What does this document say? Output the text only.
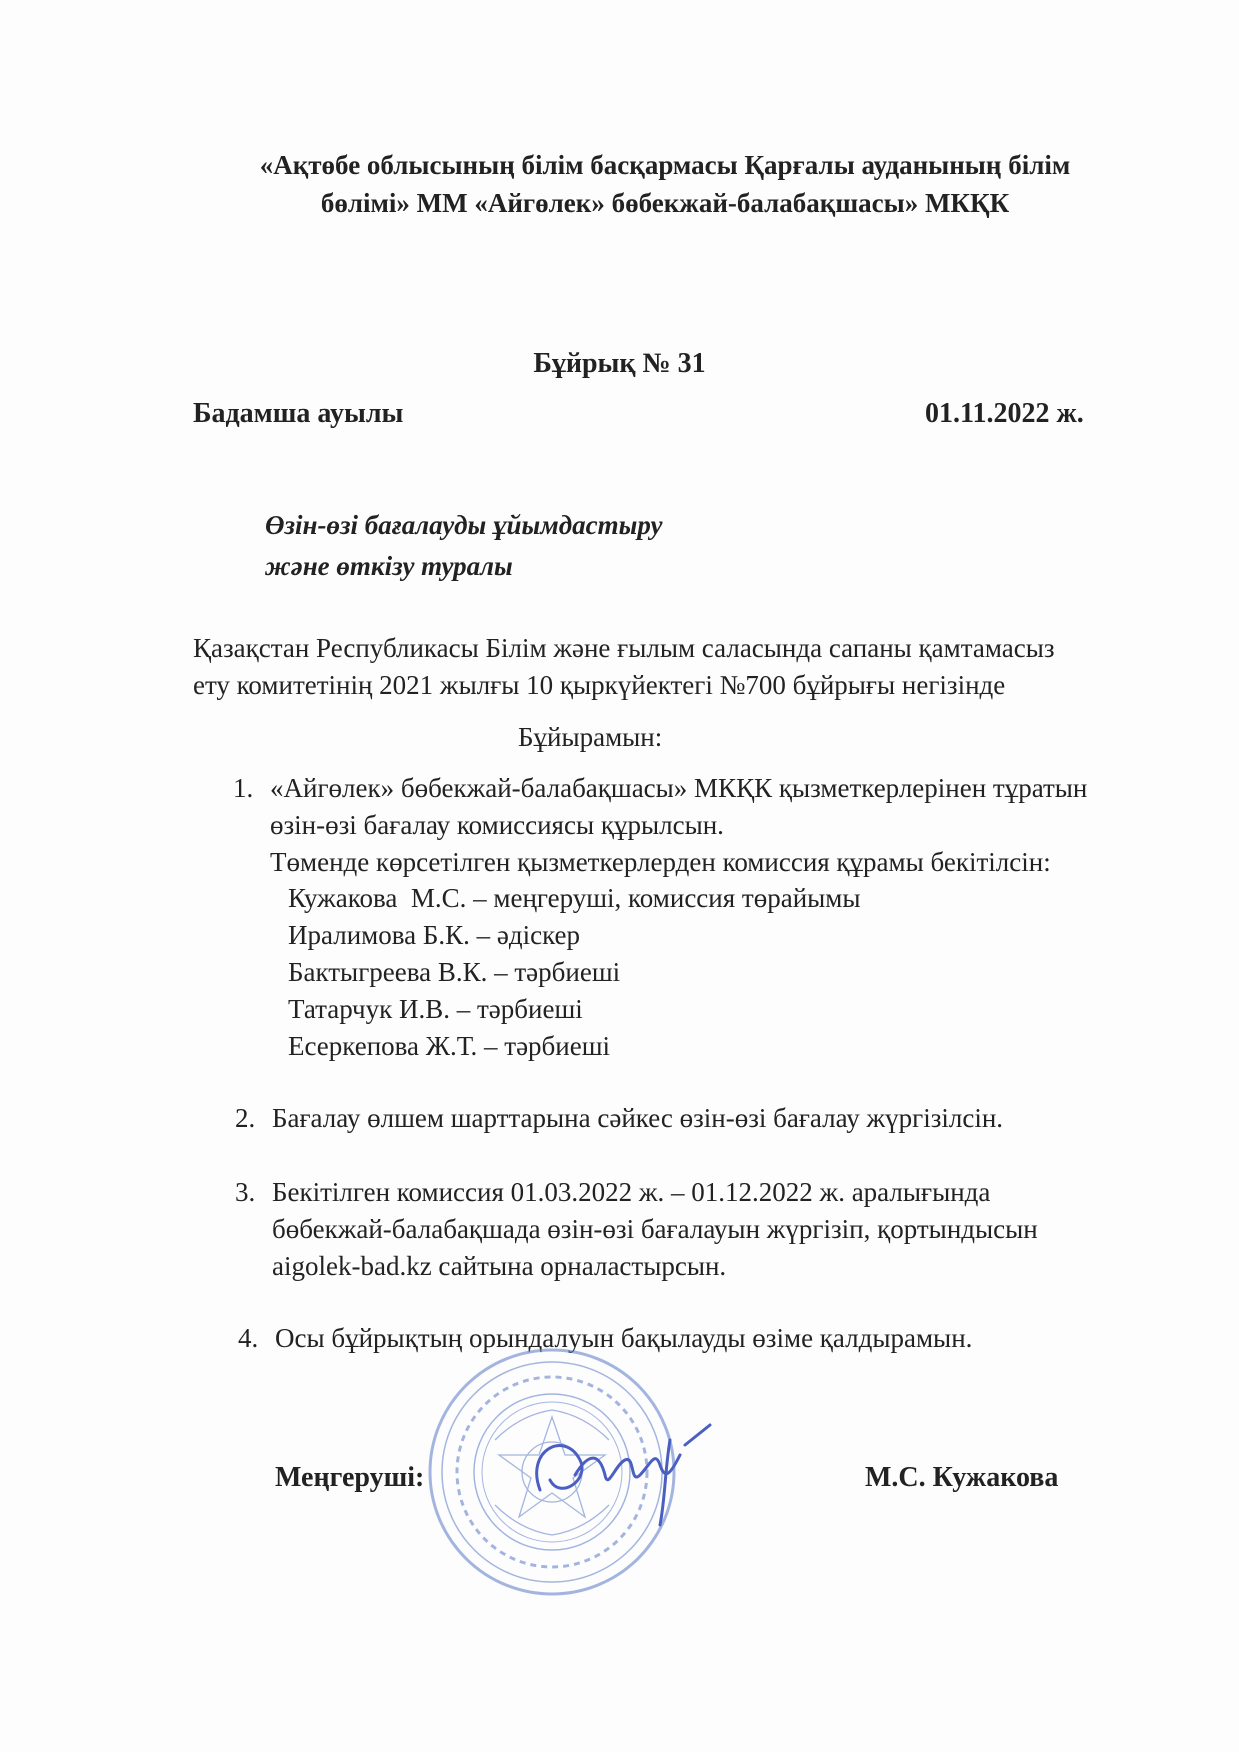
«Ақтөбе облысының білім басқармасы Қарғалы ауданының білім
бөлімі» ММ «Айгөлек» бөбекжай-балабақшасы» МКҚК
Бұйрық № 31
Бадамша ауылы	01.11.2022 ж.
Өзін-өзі бағалауды ұйымдастыру
және өткізу туралы
Қазақстан Республикасы Білім және ғылым саласында сапаны қамтамасыз
ету комитетінің 2021 жылғы 10 қыркүйектегі №700 бұйрығы негізінде
Бұйырамын:
1. «Айгөлек» бөбекжай-балабақшасы» МКҚК қызметкерлерінен тұратын
өзін-өзі бағалау комиссиясы құрылсын.
Төменде көрсетілген қызметкерлерден комиссия құрамы бекітілсін:
Кужакова  М.С. – меңгеруші, комиссия төрайымы
Иралимова Б.К. – әдіскер
Бактыгреева В.К. – тәрбиеші
Татарчук И.В. – тәрбиеші
Есеркепова Ж.Т. – тәрбиеші
2. Бағалау өлшем шарттарына сәйкес өзін-өзі бағалау жүргізілсін.
3. Бекітілген комиссия 01.03.2022 ж. – 01.12.2022 ж. аралығында
бөбекжай-балабақшада өзін-өзі бағалауын жүргізіп, қортындысын
aigolek-bad.kz сайтына орналастырсын.
4. Осы бұйрықтың орындалуын бақылауды өзіме қалдырамын.
Меңгеруші:	М.С. Кужакова
